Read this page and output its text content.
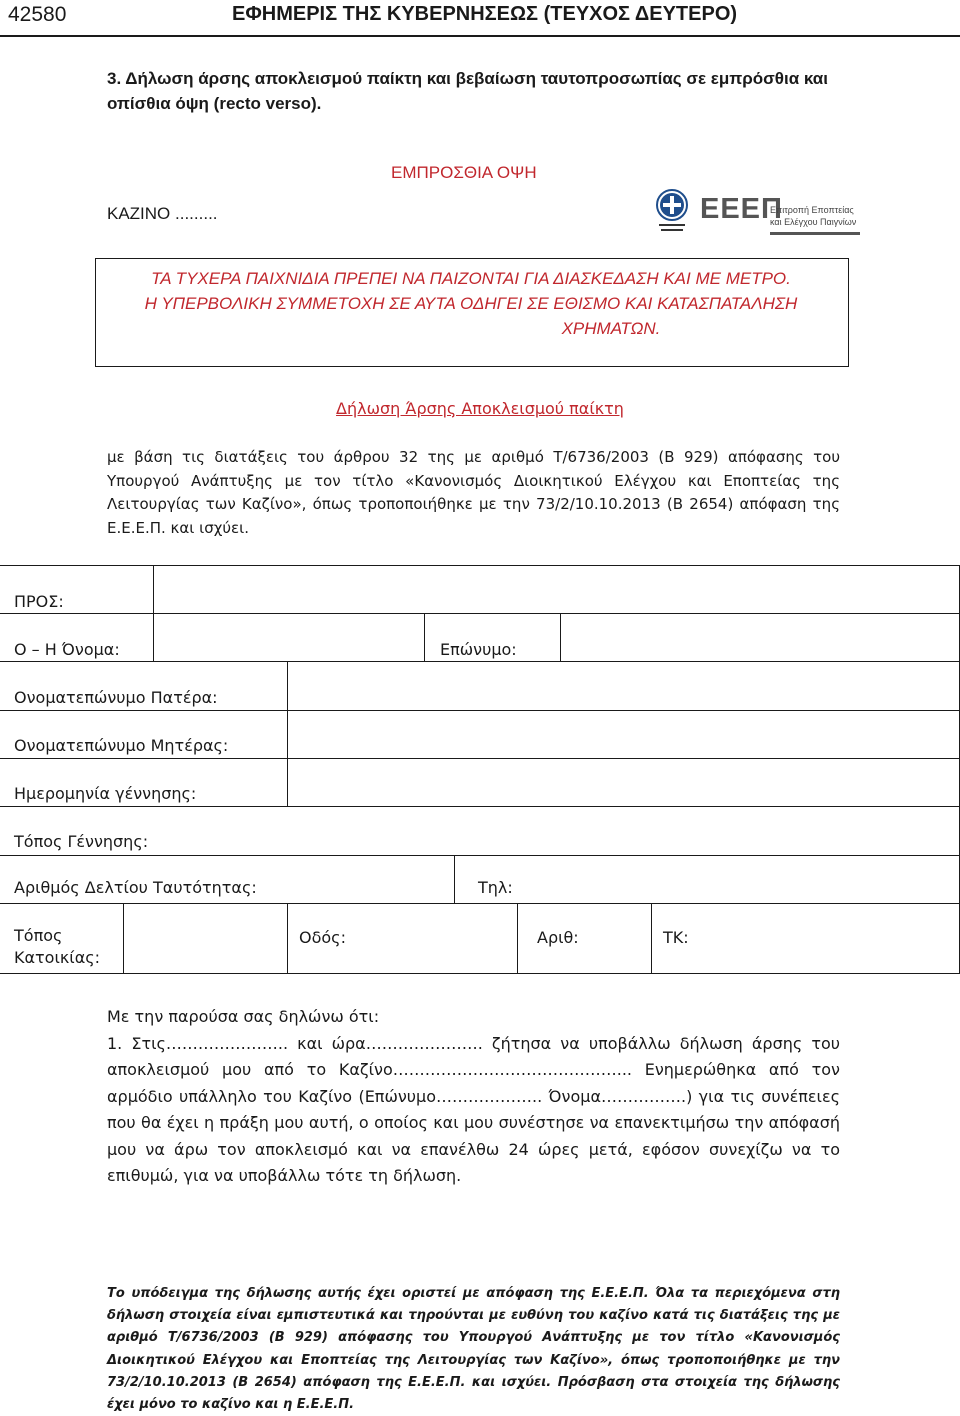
42580	ΕΦΗΜΕΡΙΣ ΤΗΣ ΚΥΒΕΡΝΗΣΕΩΣ (ΤΕΥΧΟΣ ΔΕΥΤΕΡΟ)
3. Δήλωση άρσης αποκλεισμού παίκτη και βεβαίωση ταυτοπροσωπίας σε εμπρόσθια και οπίσθια όψη (recto verso).
ΕΜΠΡΟΣΘΙΑ ΟΨΗ
ΚΑΖΙΝΟ .........	ΕΕΕΠ
Επιτροπή Εποπτείας
και Ελέγχου Παιγνίων
ΤΑ ΤΥΧΕΡΑ ΠΑΙΧΝΙΔΙΑ ΠΡΕΠΕΙ ΝΑ ΠΑΙΖΟΝΤΑΙ ΓΙΑ ΔΙΑΣΚΕΔΑΣΗ ΚΑΙ ΜΕ ΜΕΤΡΟ.
Η ΥΠΕΡΒΟΛΙΚΗ ΣΥΜΜΕΤΟΧΗ ΣΕ ΑΥΤΑ ΟΔΗΓΕΙ ΣΕ ΕΘΙΣΜΟ ΚΑΙ ΚΑΤΑΣΠΑΤΑΛΗΣΗ
ΧΡΗΜΑΤΩΝ.
Δήλωση Άρσης Αποκλεισμού παίκτη
με βάση τις διατάξεις του άρθρου 32 της με αριθμό Τ/6736/2003 (Β 929) απόφασης του Υπουργού Ανάπτυξης με τον τίτλο «Κανονισμός Διοικητικού Ελέγχου και Εποπτείας της Λειτουργίας των Καζίνο», όπως τροποποιήθηκε με την 73/2/10.10.2013 (Β 2654) απόφαση της Ε.Ε.Ε.Π. και ισχύει.
ΠΡΟΣ:
Ο – Η Όνομα:	Επώνυμο:
Ονοματεπώνυμο Πατέρα:
Ονοματεπώνυμο Μητέρας:
Ημερομηνία γέννησης:
Τόπος Γέννησης:
Αριθμός Δελτίου Ταυτότητας:	Τηλ:
Τόπος
Κατοικίας:
Οδός:	Αριθ:	ΤΚ:

Με την παρούσα σας δηλώνω ότι:

1. Στις………………….. και ώρα…………………. ζήτησα να υποβάλλω δήλωση άρσης του αποκλεισμού μου από το Καζίνο……………………………………... Ενημερώθηκα από τον αρμόδιο υπάλληλο του Καζίνο (Επώνυμο……………….. Όνομα…………….) για τις συνέπειες που θα έχει η πράξη μου αυτή, ο οποίος και μου συνέστησε να επανεκτιμήσω την απόφασή μου να άρω τον αποκλεισμό και να επανέλθω 24 ώρες μετά, εφόσον συνεχίζω να το επιθυμώ, για να υποβάλλω τότε τη δήλωση.

Το υπόδειγμα της δήλωσης αυτής έχει οριστεί με απόφαση της Ε.Ε.Ε.Π. Όλα τα περιεχόμενα στη δήλωση στοιχεία είναι εμπιστευτικά και τηρούνται με ευθύνη του καζίνο κατά τις διατάξεις της με αριθμό Τ/6736/2003 (Β 929) απόφασης του Υπουργού Ανάπτυξης με τον τίτλο «Κανονισμός Διοικητικού Ελέγχου και Εποπτείας της Λειτουργίας των Καζίνο», όπως τροποποιήθηκε με την 73/2/10.10.2013 (Β 2654) απόφαση της Ε.Ε.Ε.Π. και ισχύει. Πρόσβαση στα στοιχεία της δήλωσης έχει μόνο το καζίνο και η Ε.Ε.Ε.Π.
